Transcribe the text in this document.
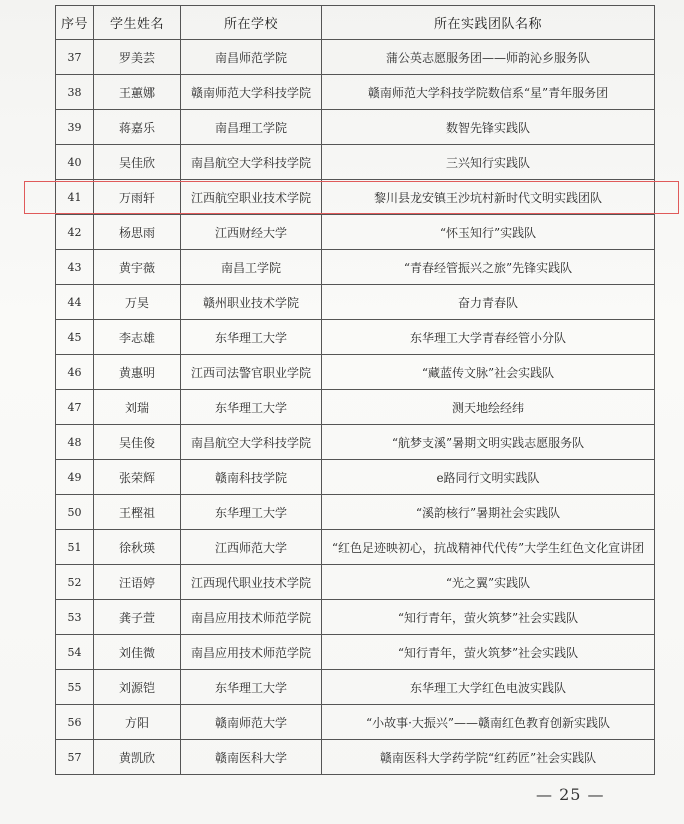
序号	学生姓名	所在学校	所在实践团队名称
37	罗美芸	南昌师范学院	蒲公英志愿服务团——师韵沁乡服务队
38	王蕙娜	赣南师范大学科技学院	赣南师范大学科技学院数信系“星”青年服务团
39	蒋嘉乐	南昌理工学院	数智先锋实践队
40	吴佳欣	南昌航空大学科技学院	三兴知行实践队
41	万雨轩	江西航空职业技术学院	黎川县龙安镇王沙坑村新时代文明实践团队
42	杨思雨	江西财经大学	“怀玉知行”实践队
43	黄宇薇	南昌工学院	“青春经管振兴之旅”先锋实践队
44	万昊	赣州职业技术学院	奋力青春队
45	李志雄	东华理工大学	东华理工大学青春经管小分队
46	黄惠明	江西司法警官职业学院	“藏蓝传文脉”社会实践队
47	刘瑞	东华理工大学	测天地绘经纬
48	吴佳俊	南昌航空大学科技学院	“航梦支溪”暑期文明实践志愿服务队
49	张荣辉	赣南科技学院	e路同行文明实践队
50	王樫祖	东华理工大学	“溪韵核行”暑期社会实践队
51	徐秋瑛	江西师范大学	“红色足迹映初心，抗战精神代代传”大学生红色文化宣讲团
52	汪语婷	江西现代职业技术学院	“光之翼”实践队
53	龚子萱	南昌应用技术师范学院	“知行青年，萤火筑梦”社会实践队
54	刘佳微	南昌应用技术师范学院	“知行青年，萤火筑梦”社会实践队
55	刘源铠	东华理工大学	东华理工大学红色电波实践队
56	方阳	赣南师范大学	“小故事·大振兴”——赣南红色教育创新实践队
57	黄凯欣	赣南医科大学	赣南医科大学药学院“红药匠”社会实践队
— 25 —
